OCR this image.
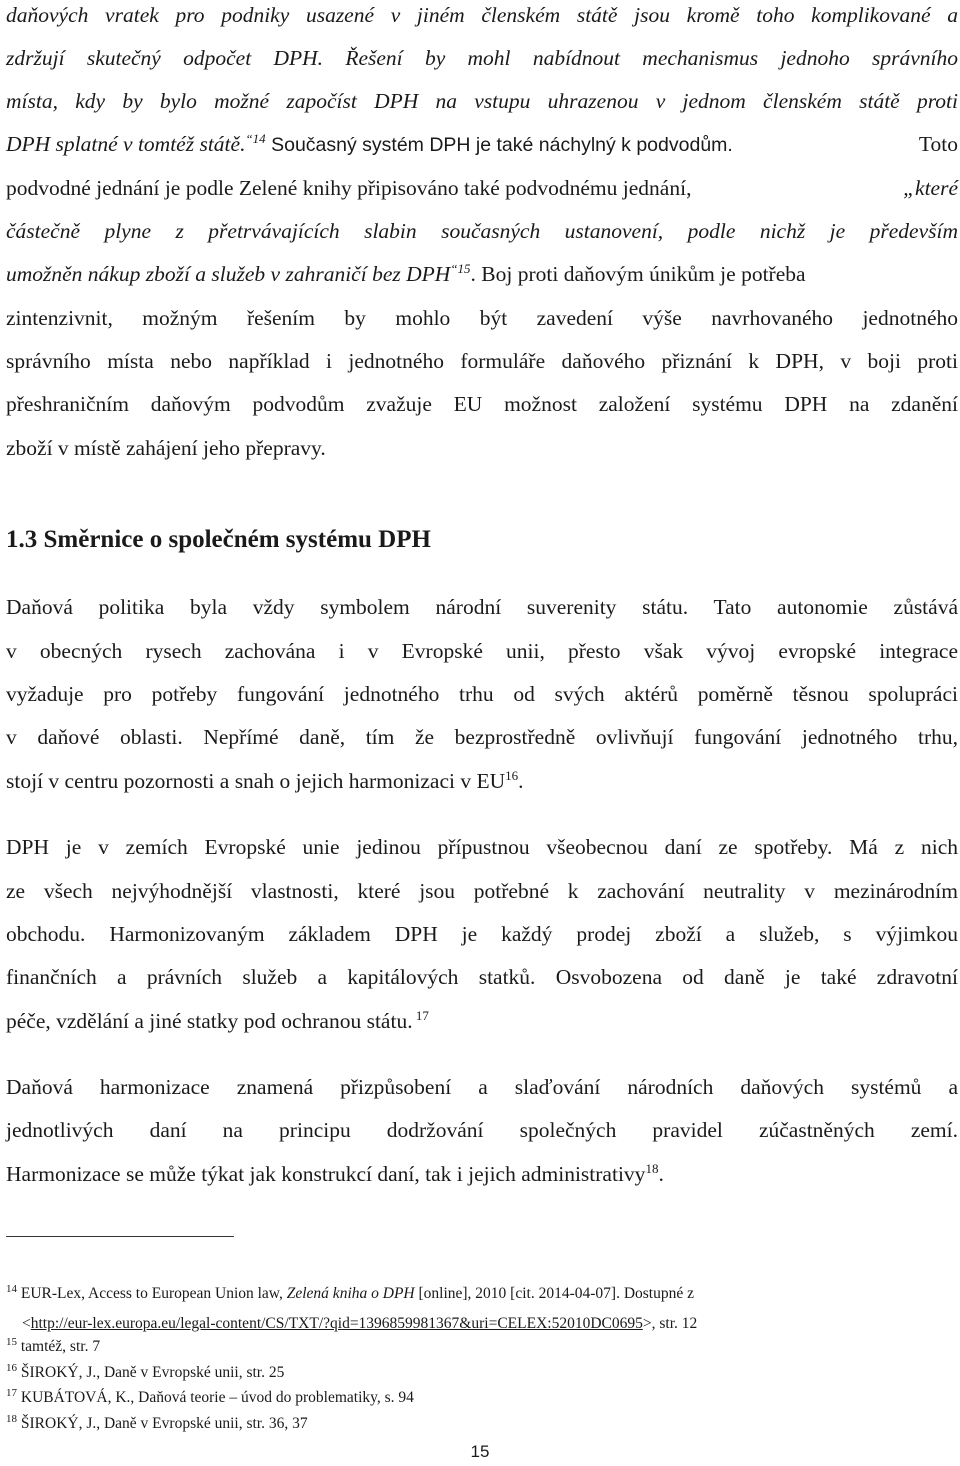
daňových vratek pro podniky usazené v jiném členském státě jsou kromě toho komplikované a
zdržují skutečný odpočet DPH. Řešení by mohl nabídnout mechanismus jednoho správního
místa, kdy by bylo možné započíst DPH na vstupu uhrazenou v jednom členském státě proti
DPH splatné v tomtéž státě.$^{“14}$ Současný systém DPH je také náchylný k podvodům.	Toto
podvodné jednání je podle Zelené knihy připisováno také podvodnému jednání,	„které
částečně plyne z přetrvávajících slabin současných ustanovení, podle nichž je především
umožněn nákup zboží a služeb v zahraničí bez $DPH^{“15}$. Boj proti daňovým únikům je potřeba
zintenzivnit, možným řešením by mohlo být zavedení výše navrhovaného jednotného
správního místa nebo například i jednotného formuláře daňového přiznání k DPH, v boji proti
přeshraničním daňovým podvodům zvažuje EU možnost založení systému DPH na zdanění
zboží v místě zahájení jeho přepravy.
1.3 Směrnice o společném systému DPH
Daňová politika byla vždy symbolem národní suverenity státu. Tato autonomie zůstává
v obecných rysech zachována i v Evropské unii, přesto však vývoj evropské integrace
vyžaduje pro potřeby fungování jednotného trhu od svých aktérů poměrně těsnou spolupráci
v daňové oblasti. Nepřímé daně, tím že bezprostředně ovlivňují fungování jednotného trhu,
stojí v centru pozornosti a snah o jejich harmonizaci v EU$^{16}$.
DPH je v zemích Evropské unie jedinou přípustnou všeobecnou daní ze spotřeby. Má z nich
ze všech nejvýhodnější vlastnosti, které jsou potřebné k zachování neutrality v mezinárodním
obchodu. Harmonizovaným základem DPH je každý prodej zboží a služeb, s výjimkou
finančních a právních služeb a kapitálových statků. Osvobozena od daně je také zdravotní
péče, vzdělání a jiné statky pod ochranou státu. $^{17}$
Daňová harmonizace znamená přizpůsobení a slaďování národních daňových systémů a
jednotlivých daní na principu dodržování společných pravidel zúčastněných zemí.
Harmonizace se může týkat jak konstrukcí daní, tak i jejich administrativy$^{18}$.
$^{14}$ EUR-Lex, Access to European Union law, Zelená kniha o DPH [online], 2010 [cit. 2014-04-07]. Dostupné z
<http://eur-lex.europa.eu/legal-content/CS/TXT/?qid=1396859981367&uri=CELEX:52010DC0695>, str. 12
$^{15}$ tamtéž, str. 7
$^{16}$ ŠIROKÝ, J., Daně v Evropské unii, str. 25
$^{17}$ KUBÁTOVÁ, K., Daňová teorie – úvod do problematiky, s. 94
$^{18}$ ŠIROKÝ, J., Daně v Evropské unii, str. 36, 37
15
